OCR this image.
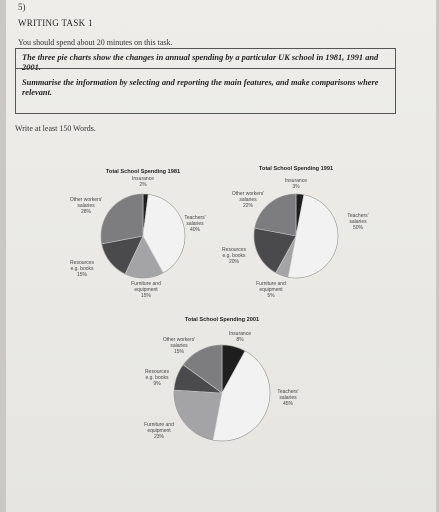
5)
WRITING TASK 1
You should spend about 20 minutes on this task.

The three pie charts show the changes in annual spending by a particular UK school in 1981, 1991 and 2001.

Summarise the information by selecting and reporting the main features, and make comparisons where relevant.

Write at least 150 Words.
Total School Spending 1981
Insurance 2%
Teachers' salaries 40%
Furniture and equipment 15%
Resources e.g. books 15%
Other workers' salaries 28%
Total School Spending 1991
Insurance 3%
Teachers' salaries 50%
Furniture and equipment 5%
Resources e.g. books 20%
Other workers' salaries 22%
Total School Spending 2001
Insurance 8%
Teachers' salaries 45%
Furniture and equipment 23%
Resources e.g. books 9%
Other workers' salaries 15%
